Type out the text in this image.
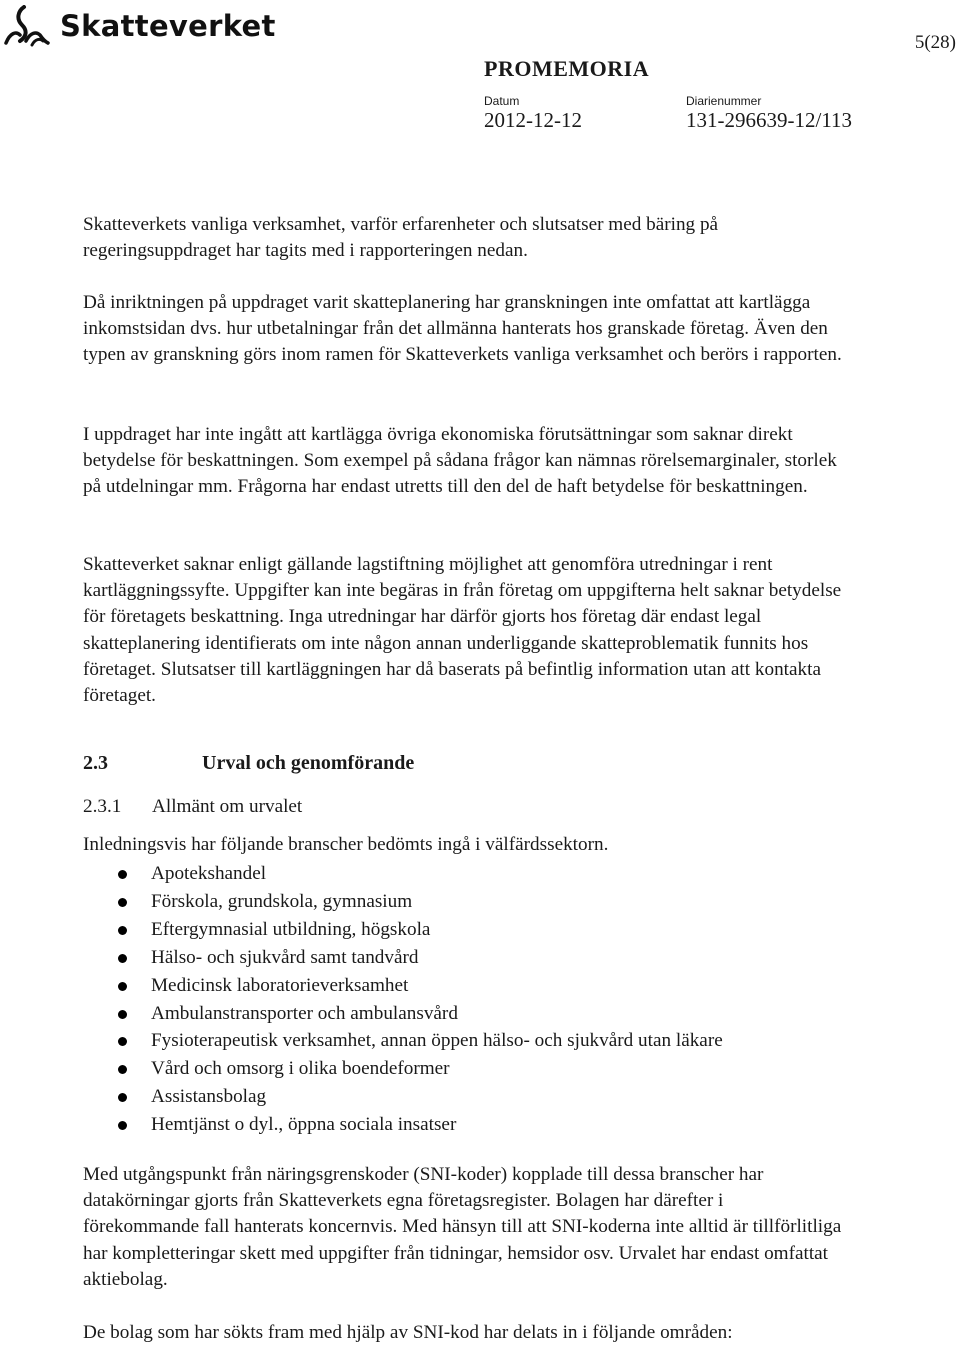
Skatteverket	5(28)
PROMEMORIA
Datum	Diarienummer
2012-12-12	131-296639-12/113

Skatteverkets vanliga verksamhet, varför erfarenheter och slutsatser med bäring på regeringsuppdraget har tagits med i rapporteringen nedan.

Då inriktningen på uppdraget varit skatteplanering har granskningen inte omfattat att kartlägga inkomstsidan dvs. hur utbetalningar från det allmänna hanterats hos granskade företag. Även den typen av granskning görs inom ramen för Skatteverkets vanliga verksamhet och berörs i rapporten.

I uppdraget har inte ingått att kartlägga övriga ekonomiska förutsättningar som saknar direkt betydelse för beskattningen. Som exempel på sådana frågor kan nämnas rörelsemarginaler, storlek på utdelningar mm. Frågorna har endast utretts till den del de haft betydelse för beskattningen.

Skatteverket saknar enligt gällande lagstiftning möjlighet att genomföra utredningar i rent kartläggningssyfte. Uppgifter kan inte begäras in från företag om uppgifterna helt saknar betydelse för företagets beskattning. Inga utredningar har därför gjorts hos företag där endast legal skatteplanering identifierats om inte någon annan underliggande skatteproblematik funnits hos företaget. Slutsatser till kartläggningen har då baserats på befintlig information utan att kontakta företaget.

2.3	Urval och genomförande
2.3.1 Allmänt om urvalet

Inledningsvis har följande branscher bedömts ingå i välfärdssektorn.

Apotekshandel
Förskola, grundskola, gymnasium
Eftergymnasial utbildning, högskola
Hälso- och sjukvård samt tandvård
Medicinsk laboratorieverksamhet
Ambulanstransporter och ambulansvård
Fysioterapeutisk verksamhet, annan öppen hälso- och sjukvård utan läkare
Vård och omsorg i olika boendeformer
Assistansbolag
Hemtjänst o dyl., öppna sociala insatser

Med utgångspunkt från näringsgrenskoder (SNI-koder) kopplade till dessa branscher har datakörningar gjorts från Skatteverkets egna företagsregister. Bolagen har därefter i förekommande fall hanterats koncernvis. Med hänsyn till att SNI-koderna inte alltid är tillförlitliga har kompletteringar skett med uppgifter från tidningar, hemsidor osv. Urvalet har endast omfattat aktiebolag.

De bolag som har sökts fram med hjälp av SNI-kod har delats in i följande områden:
